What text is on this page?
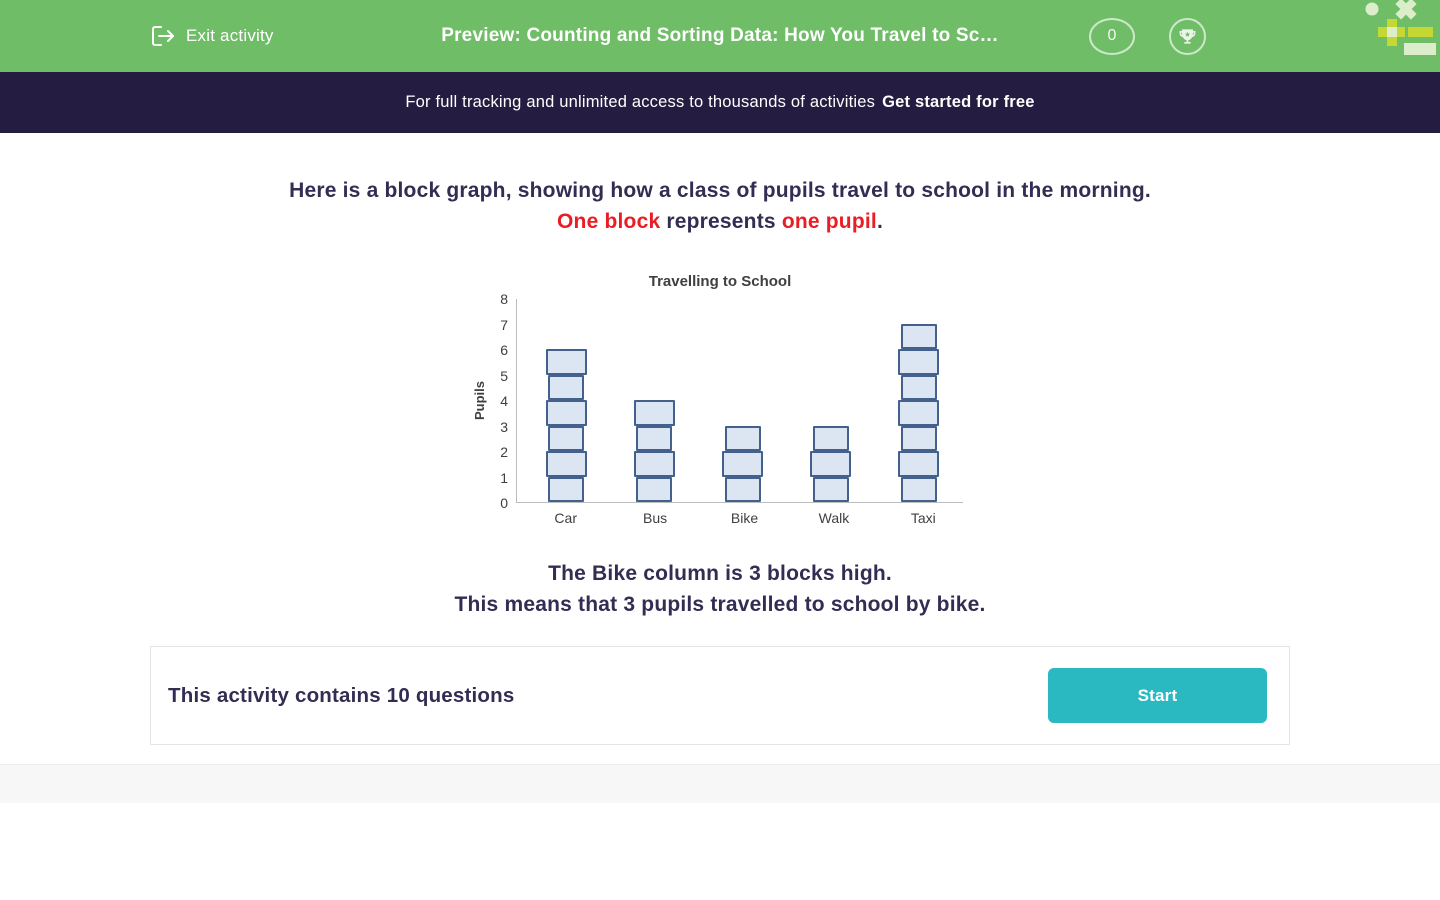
Exit activity	Preview: Counting and Sorting Data: How You Travel to Sc…	0
For full tracking and unlimited access to thousands of activities Get started for free

Here is a block graph, showing how a class of pupils travel to school in the morning.

One block represents one pupil.

Travelling to School
Pupils
0
1
2
3
4
5
6
7
8
Car	Bus	Bike	Walk	Taxi

The Bike column is 3 blocks high.

This means that 3 pupils travelled to school by bike.

This activity contains 10 questions	Start
